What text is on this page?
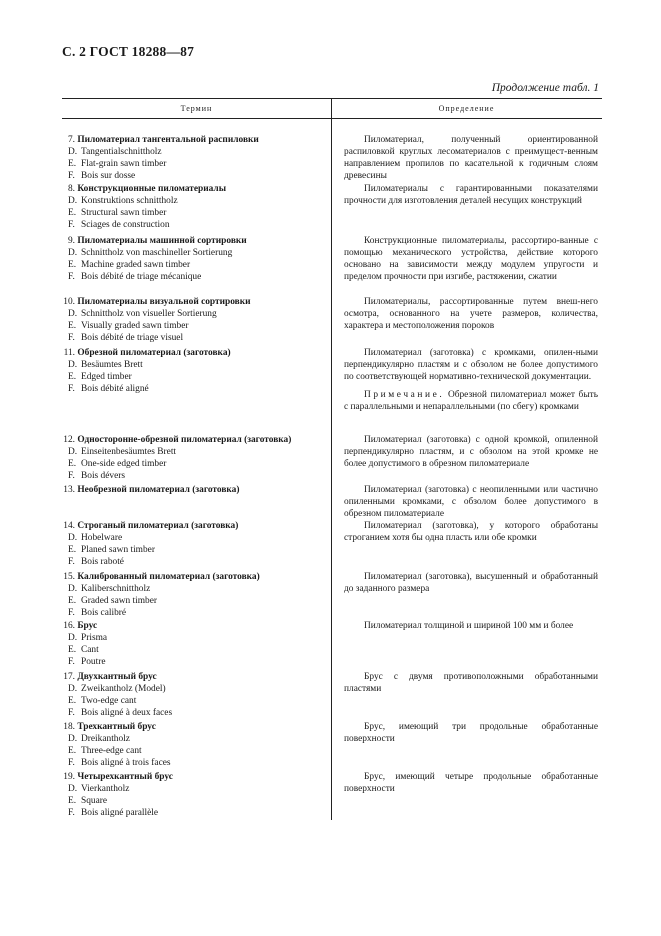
С. 2 ГОСТ 18288—87
Продолжение табл. 1
Термин	Определение
7. Пиломатериал тангентальной распиловки
D. Tangentialschnittholz
E. Flat-grain sawn timber
F. Bois sur dosse

Пиломатериал, полученный ориентированной распиловкой круглых лесоматериалов с преимущест-венным направлением пропилов по касательной к годичным слоям древесины

8. Конструкционные пиломатериалы
D. Konstruktions schnittholz
E. Structural sawn timber
F. Sciages de construction

Пиломатериалы с гарантированными показателями прочности для изготовления деталей несущих конструкций

9. Пиломатериалы машинной сортировки
D. Schnittholz von maschineller Sortierung
E. Machine graded sawn timber
F. Bois débité de triage mécanique

Конструкционные пиломатериалы, рассортиро-ванные с помощью механического устройства, действие которого основано на зависимости между модулем упругости и пределом прочности при изгибе, растяжении, сжатии

10. Пиломатериалы визуальной сортировки
D. Schnittholz von visueller Sortierung
E. Visually graded sawn timber
F. Bois débité de triage visuel

Пиломатериалы, рассортированные путем внеш-него осмотра, основанного на учете размеров, количества, характера и местоположения пороков

11. Обрезной пиломатериал (заготовка)
D. Besäumtes Brett
E. Edged timber
F. Bois débité aligné

Пиломатериал (заготовка) с кромками, опилен-ными перпендикулярно пластям и с обзолом не более допустимого по соответствующей нормативно-технической документации.

Примечание. Обрезной пиломатериал может быть с параллельными и непараллельными (по сбегу) кромками

12. Одностороннe-обрезной пиломатериал (заготовка)
D. Einseitenbesäumtes Brett
E. One-side edged timber
F. Bois dévers

Пиломатериал (заготовка) с одной кромкой, опиленной перпендикулярно пластям, и с обзолом на этой кромке не более допустимого в обрезном пиломатериале

13. Необрезной пиломатериал (заготовка)	Пиломатериал (заготовка) с неопиленными или частично опиленными кромками, с обзолом более допустимого в обрезном пиломатериале

14. Строганый пиломатериал (заготовка)
D. Hobelware
E. Planed sawn timber
F. Bois raboté

Пиломатериал (заготовка), у которого обработаны строганием хотя бы одна пласть или обе кромки

15. Калиброванный пиломатериал (заготовка)
D. Kaliberschnittholz
E. Graded sawn timber
F. Bois calibré

Пиломатериал (заготовка), высушенный и обработанный до заданного размера

16. Брус
D. Prisma
E. Cant
F. Poutre

Пиломатериал толщиной и шириной 100 мм и более

17. Двухкантный брус
D. Zweikantholz (Model)
E. Two-edge cant
F. Bois aligné à deux faces

Брус с двумя противоположными обработанными пластями

18. Трехкантный брус
D. Dreikantholz
E. Three-edge cant
F. Bois aligné à trois faces

Брус, имеющий три продольные обработанные поверхности

19. Четырехкантный брус
D. Vierkantholz
E. Square
F. Bois aligné parallèle

Брус, имеющий четыре продольные обработанные поверхности
